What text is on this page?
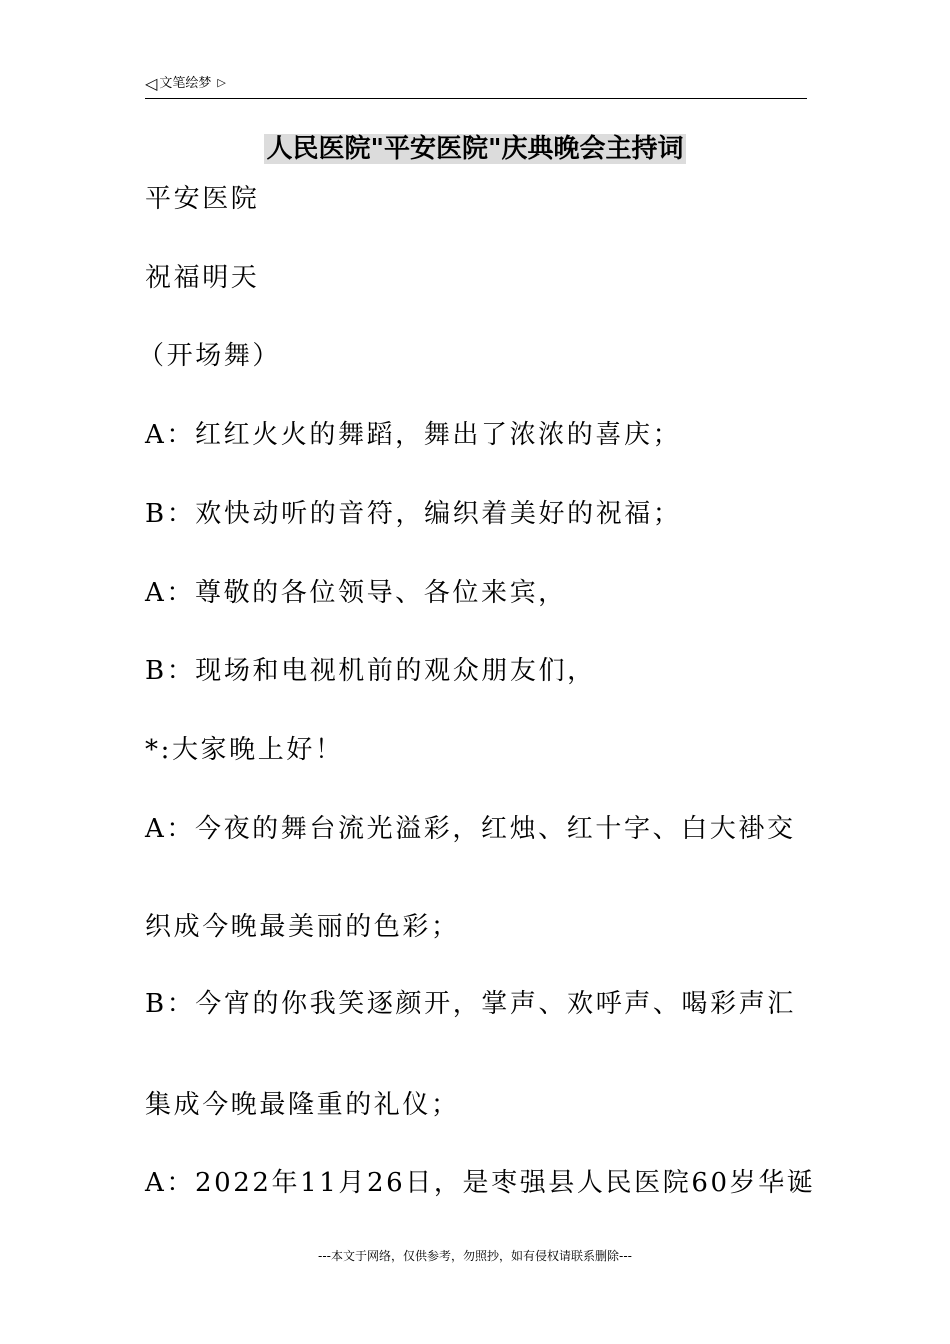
◁ 文笔绘梦 ▷
人民医院"平安医院"庆典晚会主持词
平安医院
祝福明天
（开场舞）
A：红红火火的舞蹈，舞出了浓浓的喜庆；
B：欢快动听的音符，编织着美好的祝福；
A：尊敬的各位领导、各位来宾，
B：现场和电视机前的观众朋友们，
*:大家晚上好！
A：今夜的舞台流光溢彩，红烛、红十字、白大褂交
织成今晚最美丽的色彩；
B：今宵的你我笑逐颜开，掌声、欢呼声、喝彩声汇
集成今晚最隆重的礼仪；
A：2022年11月26日，是枣强县人民医院60岁华诞
---本文于网络，仅供参考，勿照抄，如有侵权请联系删除---
